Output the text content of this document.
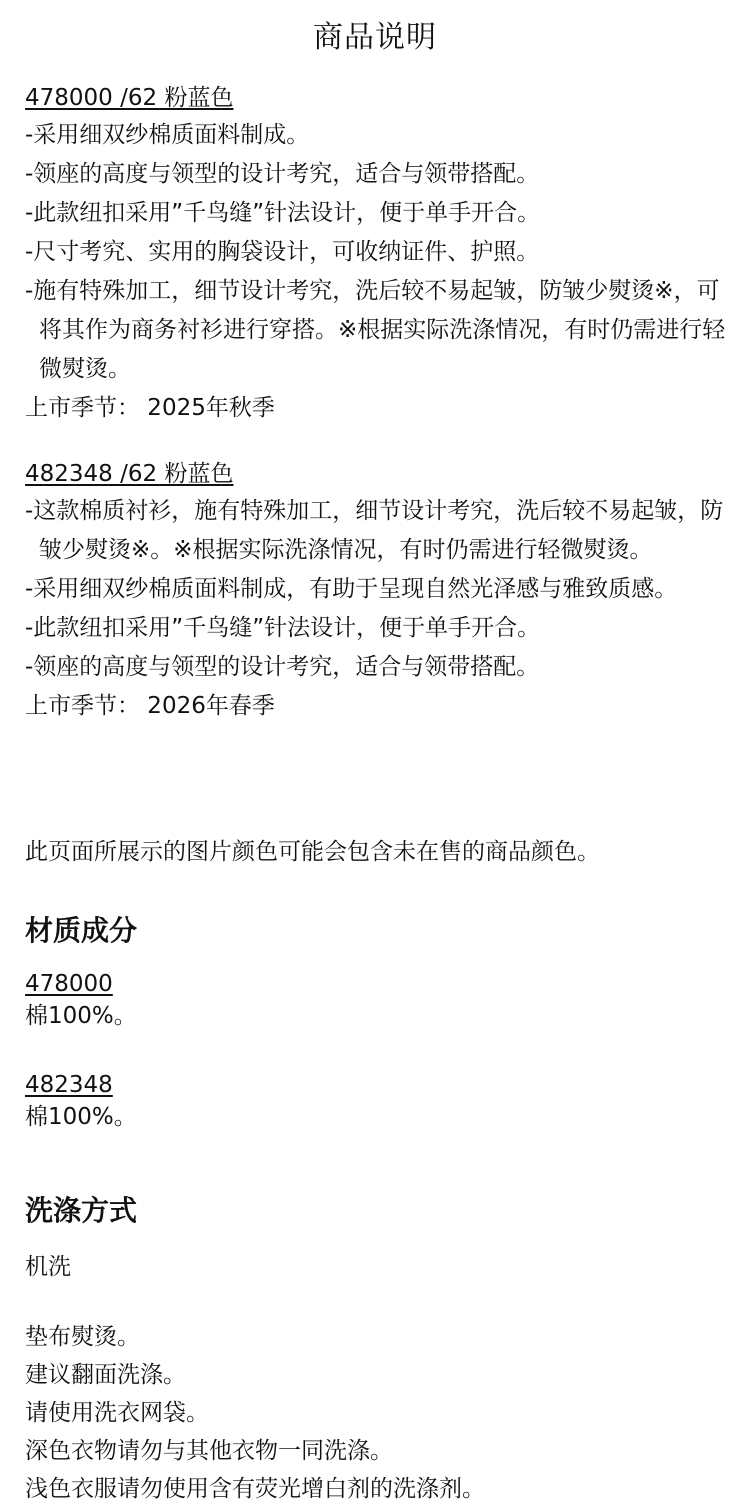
商品说明
478000 /62 粉蓝色
-采用细双纱棉质面料制成。
-领座的高度与领型的设计考究，适合与领带搭配。
-此款纽扣采用”千鸟缝”针法设计，便于单手开合。
-尺寸考究、实用的胸袋设计，可收纳证件、护照。
-施有特殊加工，细节设计考究，洗后较不易起皱，防皱少熨烫※，可将其作为商务衬衫进行穿搭。※根据实际洗涤情况，有时仍需进行轻微熨烫。
上市季节： 2025年秋季
482348 /62 粉蓝色
-这款棉质衬衫，施有特殊加工，细节设计考究，洗后较不易起皱，防皱少熨烫※。※根据实际洗涤情况，有时仍需进行轻微熨烫。
-采用细双纱棉质面料制成，有助于呈现自然光泽感与雅致质感。
-此款纽扣采用”千鸟缝”针法设计，便于单手开合。
-领座的高度与领型的设计考究，适合与领带搭配。
上市季节： 2026年春季
此页面所展示的图片颜色可能会包含未在售的商品颜色。
材质成分
478000
棉100%。
482348
棉100%。
洗涤方式
机洗
垫布熨烫。
建议翻面洗涤。
请使用洗衣网袋。
深色衣物请勿与其他衣物一同洗涤。
浅色衣服请勿使用含有荧光增白剂的洗涤剂。
